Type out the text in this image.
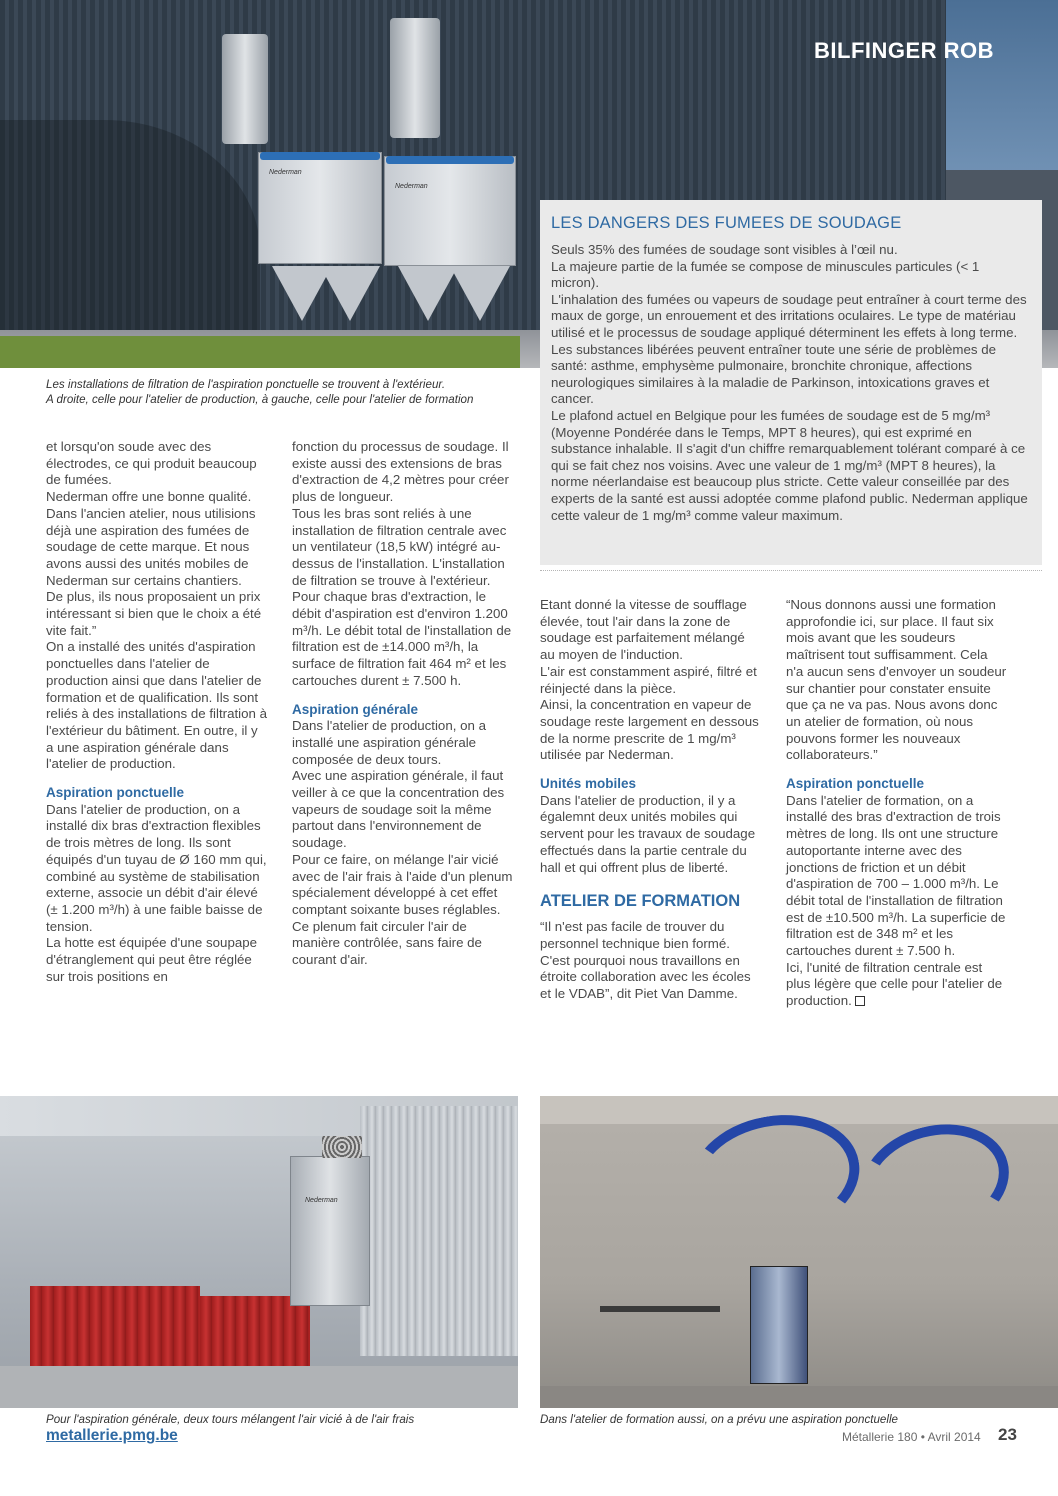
BILFINGER ROB
Nederman
Nederman
Les installations de filtration de l'aspiration ponctuelle se trouvent à l'extérieur.
A droite, celle pour l'atelier de production, à gauche, celle pour l'atelier de formation
LES DANGERS DES FUMEES DE SOUDAGE

Seuls 35% des fumées de soudage sont visibles à l’œil nu.

La majeure partie de la fumée se compose de minuscules particules (< 1 micron).

L'inhalation des fumées ou vapeurs de soudage peut entraîner à court terme des maux de gorge, un enrouement et des irritations oculaires. Le type de matériau utilisé et le processus de soudage appliqué déterminent les effets à long terme. Les substances libérées peuvent entraîner toute une série de problèmes de santé: asthme, emphysème pulmonaire, bronchite chronique, affections neurologiques similaires à la maladie de Parkinson, intoxications graves et cancer.

Le plafond actuel en Belgique pour les fumées de soudage est de 5 mg/m³ (Moyenne Pondérée dans le Temps, MPT 8 heures), qui est exprimé en substance inhalable. Il s'agit d'un chiffre remarquablement tolérant comparé à ce qui se fait chez nos voisins. Avec une valeur de 1 mg/m³ (MPT 8 heures), la norme néerlandaise est beaucoup plus stricte. Cette valeur conseillée par des experts de la santé est aussi adoptée comme plafond public. Nederman applique cette valeur de 1 mg/m³ comme valeur maximum.

et lorsqu'on soude avec des électrodes, ce qui produit beaucoup de fumées.

Nederman offre une bonne qualité. Dans l'ancien atelier, nous utilisions déjà une aspiration des fumées de soudage de cette marque. Et nous avons aussi des unités mobiles de Nederman sur certains chantiers.

De plus, ils nous proposaient un prix intéressant si bien que le choix a été vite fait.”

On a installé des unités d'aspiration ponctuelles dans l'atelier de production ainsi que dans l'atelier de formation et de qualification. Ils sont reliés à des installations de filtration à l'extérieur du bâtiment. En outre, il y a une aspiration générale dans l'atelier de production.

Aspiration ponctuelle

Dans l'atelier de production, on a installé dix bras d'extraction flexibles de trois mètres de long. Ils sont équipés d'un tuyau de Ø 160 mm qui, combiné au système de stabilisation externe, associe un débit d'air élevé (± 1.200 m³/h) à une faible baisse de tension.

La hotte est équipée d'une soupape d'étranglement qui peut être réglée sur trois positions en

fonction du processus de soudage. Il existe aussi des extensions de bras d'extraction de 4,2 mètres pour créer plus de longueur.

Tous les bras sont reliés à une installation de filtration centrale avec un ventilateur (18,5 kW) intégré au-dessus de l'installation. L'installation de filtration se trouve à l'extérieur.

Pour chaque bras d'extraction, le débit d'aspiration est d'environ 1.200 m³/h. Le débit total de l'installation de filtration est de ±14.000 m³/h, la surface de filtration fait 464 m² et les cartouches durent ± 7.500 h.

Aspiration générale

Dans l'atelier de production, on a installé une aspiration générale composée de deux tours.

Avec une aspiration générale, il faut veiller à ce que la concentration des vapeurs de soudage soit la même partout dans l'environnement de soudage.

Pour ce faire, on mélange l'air vicié avec de l'air frais à l'aide d'un plenum spécialement développé à cet effet comptant soixante buses réglables.

Ce plenum fait circuler l'air de manière contrôlée, sans faire de courant d'air.

Etant donné la vitesse de soufflage élevée, tout l'air dans la zone de soudage est parfaitement mélangé au moyen de l'induction.

L'air est constamment aspiré, filtré et réinjecté dans la pièce.

Ainsi, la concentration en vapeur de soudage reste largement en dessous de la norme prescrite de 1 mg/m³ utilisée par Nederman.

Unités mobiles

Dans l'atelier de production, il y a égalemnt deux unités mobiles qui servent pour les travaux de soudage effectués dans la partie centrale du hall et qui offrent plus de liberté.

ATELIER DE FORMATION

“Il n'est pas facile de trouver du personnel technique bien formé. C'est pourquoi nous travaillons en étroite collaboration avec les écoles et le VDAB”, dit Piet Van Damme.

“Nous donnons aussi une formation approfondie ici, sur place. Il faut six mois avant que les soudeurs maîtrisent tout suffisamment. Cela n'a aucun sens d'envoyer un soudeur sur chantier pour constater ensuite que ça ne va pas. Nous avons donc un atelier de formation, où nous pouvons former les nouveaux collaborateurs.”

Aspiration ponctuelle

Dans l'atelier de formation, on a installé des bras d'extraction de trois mètres de long. Ils ont une structure autoportante interne avec des jonctions de friction et un débit d'aspiration de 700 – 1.000 m³/h. Le débit total de l'installation de filtration est de ±10.500 m³/h. La superficie de filtration est de 348 m² et les cartouches durent ± 7.500 h.

Ici, l'unité de filtration centrale est plus légère que celle pour l'atelier de production.

Nederman
Pour l'aspiration générale, deux tours mélangent l'air vicié à de l'air frais	Dans l'atelier de formation aussi, on a prévu une aspiration ponctuelle
metallerie.pmg.be	Métallerie 180 • Avril 2014 23
